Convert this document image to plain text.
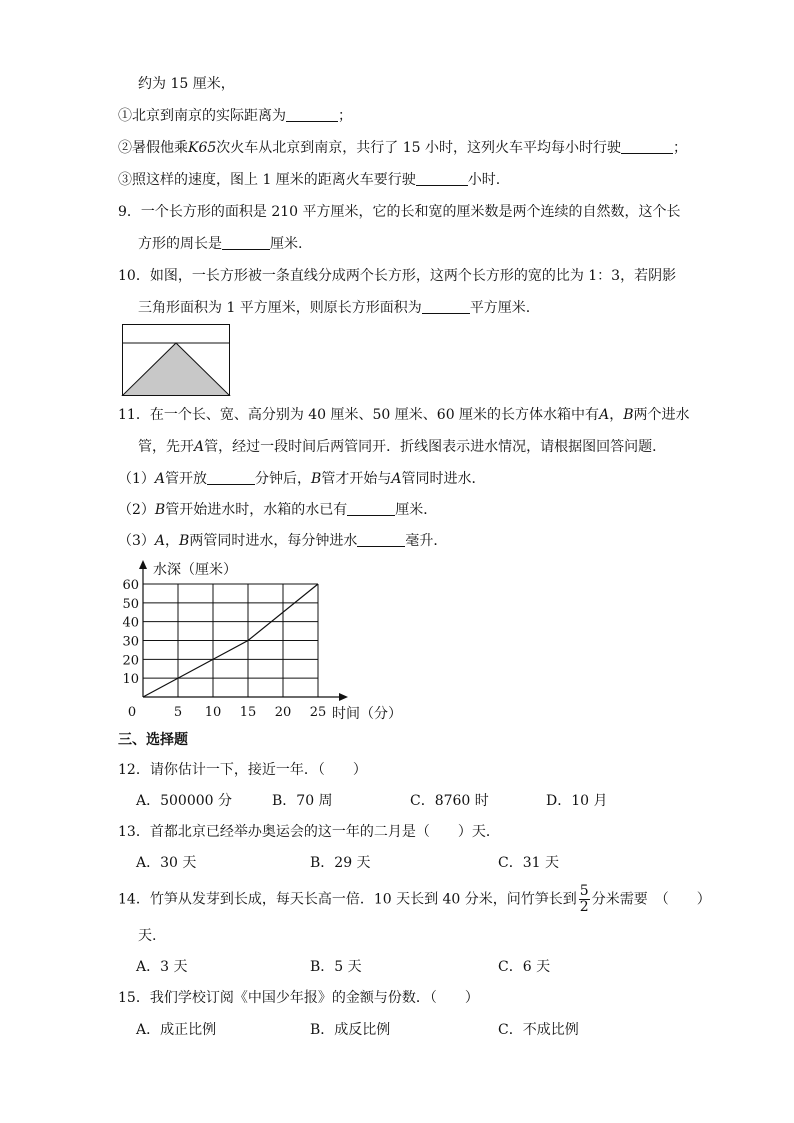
约为 15 厘米，
①北京到南京的实际距离为	；
②暑假他乘K65次火车从北京到南京，共行了 15 小时，这列火车平均每小时行驶	；
③照这样的速度，图上 1 厘米的距离火车要行驶	小时.
9．一个长方形的面积是 210 平方厘米，它的长和宽的厘米数是两个连续的自然数，这个长
方形的周长是	厘米.
10．如图，一长方形被一条直线分成两个长方形，这两个长方形的宽的比为 1：3，若阴影
三角形面积为 1 平方厘米，则原长方形面积为	平方厘米.
11．在一个长、宽、高分别为 40 厘米、50 厘米、60 厘米的长方体水箱中有A，B两个进水
管，先开A管，经过一段时间后两管同开．折线图表示进水情况，请根据图回答问题．
（1）A管开放	分钟后，B管才开始与A管同时进水．
（2）B管开始进水时，水箱的水已有	厘米．
（3）A，B两管同时进水，每分钟进水	毫升．
0	5 10 15 20 25
10
20
30
40
50
60
水深（厘米）
时间（分）
三、选择题
12．请你估计一下，接近一年．（　　）
A．500000 分	B．70 周	C．8760 时	D．10 月
13．首都北京已经举办奥运会的这一年的二月是（　　）天．
A．30 天	B．29 天	C．31 天
14．竹笋从发芽到长成，每天长高一倍．10 天长到 40 分米，问竹笋长到 $\frac{5}{2}$ 分米需要　（　　）
天.
A．3 天	B．5 天	C．6 天
15．我们学校订阅《中国少年报》的金额与份数．（　　）
A．成正比例	B．成反比例	C．不成比例
